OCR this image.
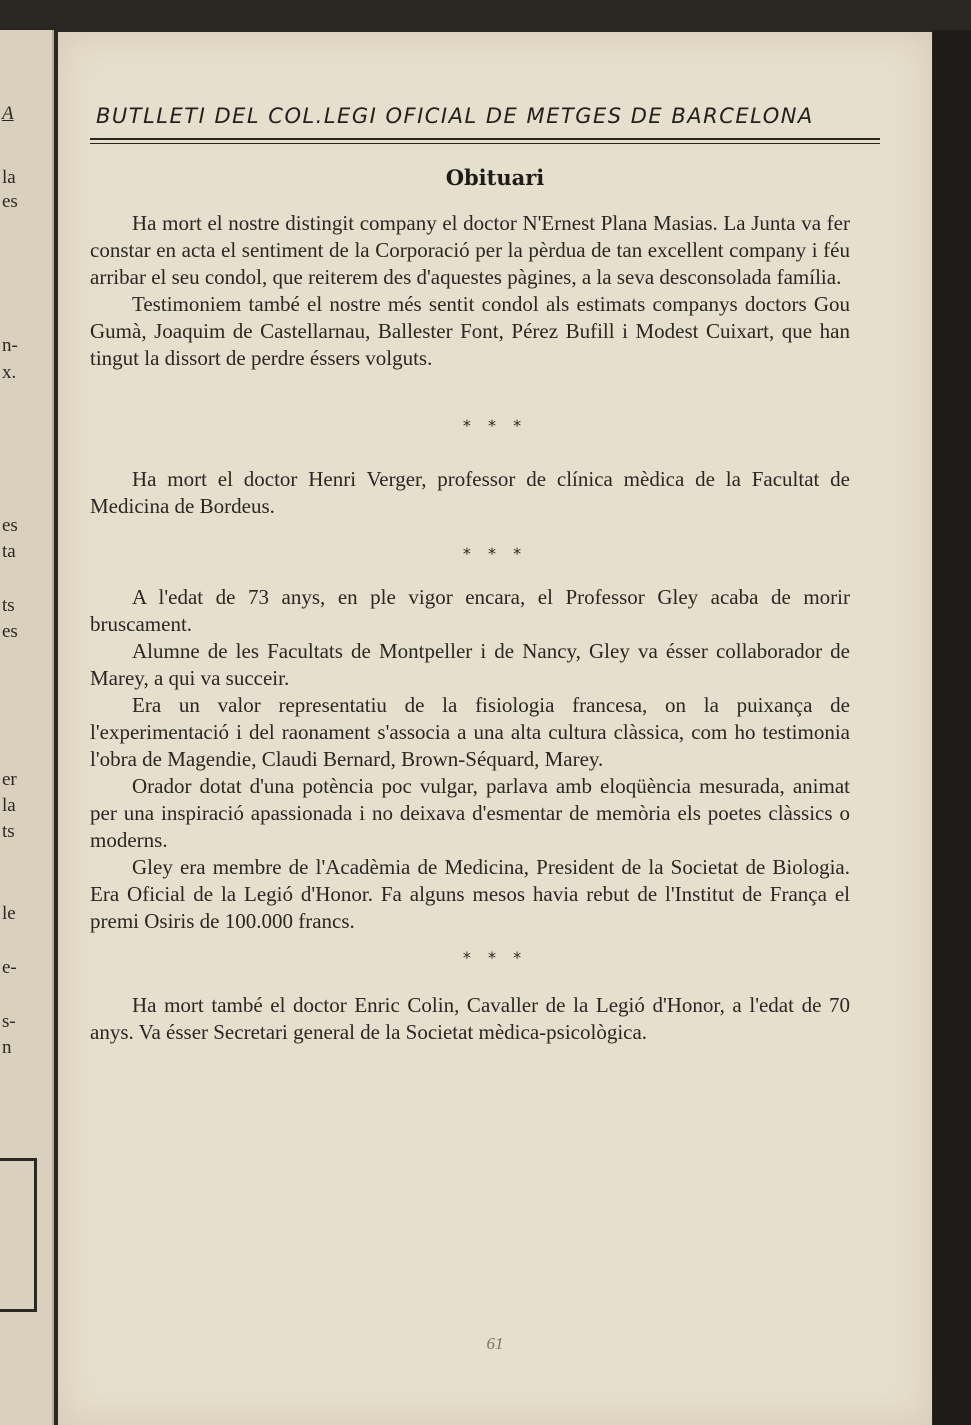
A
la
es
n-
x.
es
ta
ts
es
er
la
ts
le
e-
s-
n
BUTLLETI DEL COL.LEGI OFICIAL DE METGES DE BARCELONA
Obituari

Ha mort el nostre distingit company el doctor N'Ernest Plana Masias. La Junta va fer constar en acta el sentiment de la Corporació per la pèrdua de tan excellent company i féu arribar el seu condol, que reiterem des d'aquestes pàgines, a la seva desconsolada família.

Testimoniem també el nostre més sentit condol als estimats companys doctors Gou Gumà, Joaquim de Castellarnau, Ballester Font, Pérez Bufill i Modest Cuixart, que han tingut la dissort de perdre éssers volguts.

* * *

Ha mort el doctor Henri Verger, professor de clínica mèdica de la Facultat de Medicina de Bordeus.

* * *

A l'edat de 73 anys, en ple vigor encara, el Professor Gley acaba de morir bruscament.

Alumne de les Facultats de Montpeller i de Nancy, Gley va ésser collaborador de Marey, a qui va succeir.

Era un valor representatiu de la fisiologia francesa, on la puixança de l'experimentació i del raonament s'associa a una alta cultura clàssica, com ho testimonia l'obra de Magendie, Claudi Bernard, Brown-Séquard, Marey.

Orador dotat d'una potència poc vulgar, parlava amb eloqüència mesurada, animat per una inspiració apassionada i no deixava d'esmentar de memòria els poetes clàssics o moderns.

Gley era membre de l'Acadèmia de Medicina, President de la Societat de Biologia. Era Oficial de la Legió d'Honor. Fa alguns mesos havia rebut de l'Institut de França el premi Osiris de 100.000 francs.

* * *

Ha mort també el doctor Enric Colin, Cavaller de la Legió d'Honor, a l'edat de 70 anys. Va ésser Secretari general de la Societat mèdica-psicològica.

61
